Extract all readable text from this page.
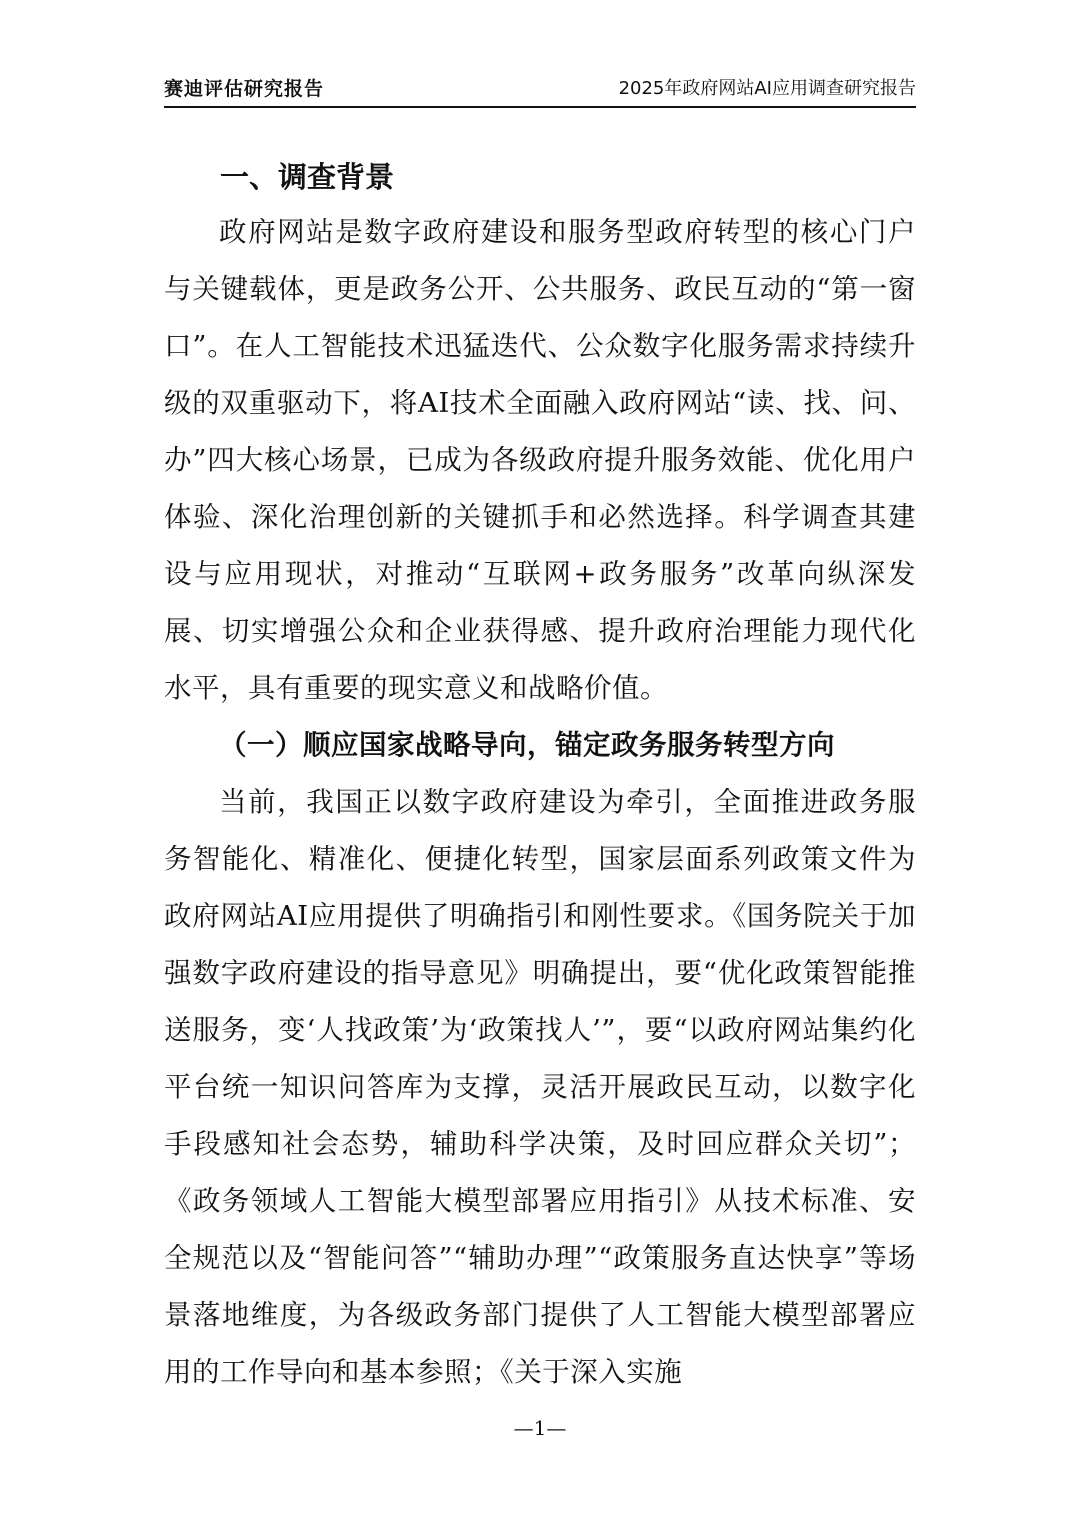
赛迪评估研究报告	2025年政府网站AI应用调查研究报告
一、调查背景

政府网站是数字政府建设和服务型政府转型的核心门户与关键载体，更是政务公开、公共服务、政民互动的“第一窗口”。在人工智能技术迅猛迭代、公众数字化服务需求持续升级的双重驱动下，将AI技术全面融入政府网站“读、找、问、办”四大核心场景，已成为各级政府提升服务效能、优化用户体验、深化治理创新的关键抓手和必然选择。科学调查其建设与应用现状，对推动“互联网+政务服务”改革向纵深发展、切实增强公众和企业获得感、提升政府治理能力现代化水平，具有重要的现实意义和战略价值。

（一）顺应国家战略导向，锚定政务服务转型方向

当前，我国正以数字政府建设为牵引，全面推进政务服务智能化、精准化、便捷化转型，国家层面系列政策文件为政府网站AI应用提供了明确指引和刚性要求。《国务院关于加强数字政府建设的指导意见》明确提出，要“优化政策智能推送服务，变‘人找政策’为‘政策找人’”，要“以政府网站集约化平台统一知识问答库为支撑，灵活开展政民互动，以数字化手段感知社会态势，辅助科学决策，及时回应群众关切”；《政务领域人工智能大模型部署应用指引》从技术标准、安全规范以及“智能问答”“辅助办理”“政策服务直达快享”等场景落地维度，为各级政务部门提供了人工智能大模型部署应用的工作导向和基本参照；《关于深入实施

—1—
